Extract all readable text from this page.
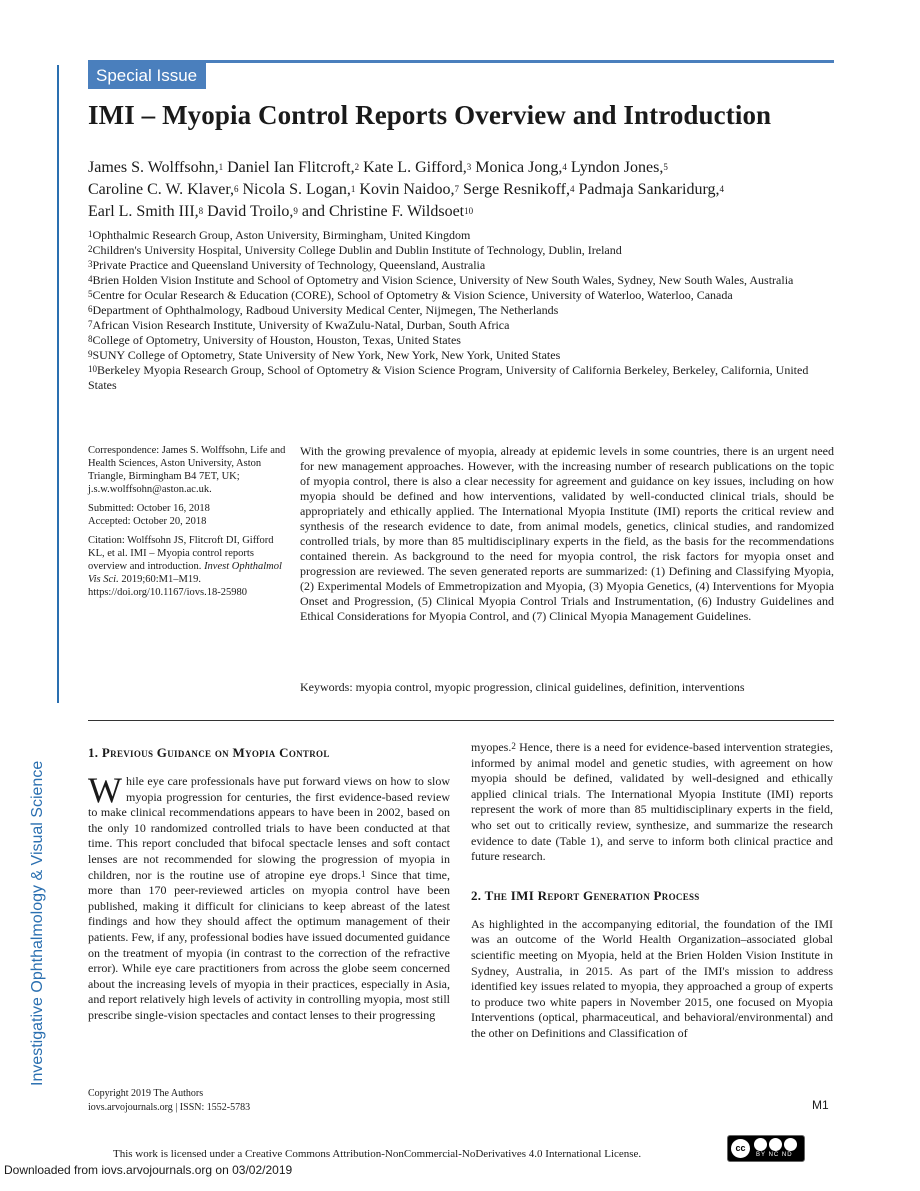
Investigative Ophthalmology & Visual Science
Special Issue
IMI – Myopia Control Reports Overview and Introduction
James S. Wolffsohn,$^1$ Daniel Ian Flitcroft,$^2$ Kate L. Gifford,$^3$ Monica Jong,$^4$ Lyndon Jones,$^5$
Caroline C. W. Klaver,$^6$ Nicola S. Logan,$^1$ Kovin Naidoo,$^7$ Serge Resnikoff,$^4$ Padmaja Sankaridurg,$^4$
Earl L. Smith III,$^8$ David Troilo,$^9$ and Christine F. Wildsoet$^{10}$
$^1$Ophthalmic Research Group, Aston University, Birmingham, United Kingdom
$^2$Children's University Hospital, University College Dublin and Dublin Institute of Technology, Dublin, Ireland
$^3$Private Practice and Queensland University of Technology, Queensland, Australia
$^4$Brien Holden Vision Institute and School of Optometry and Vision Science, University of New South Wales, Sydney, New South Wales, Australia
$^5$Centre for Ocular Research & Education (CORE), School of Optometry & Vision Science, University of Waterloo, Waterloo, Canada
$^6$Department of Ophthalmology, Radboud University Medical Center, Nijmegen, The Netherlands
$^7$African Vision Research Institute, University of KwaZulu-Natal, Durban, South Africa
$^8$College of Optometry, University of Houston, Houston, Texas, United States
$^9$SUNY College of Optometry, State University of New York, New York, New York, United States
$^{10}$Berkeley Myopia Research Group, School of Optometry & Vision Science Program, University of California Berkeley, Berkeley, California, United States

Correspondence: James S. Wolffsohn, Life and Health Sciences, Aston University, Aston Triangle, Birmingham B4 7ET, UK; j.s.w.wolffsohn@aston.ac.uk.

Submitted: October 16, 2018

Accepted: October 20, 2018

Citation: Wolffsohn JS, Flitcroft DI, Gifford KL, et al. IMI – Myopia control reports overview and introduction. Invest Ophthalmol Vis Sci. 2019;60:M1–M19. https://doi.org/10.1167/iovs.18-25980

With the growing prevalence of myopia, already at epidemic levels in some countries, there is an urgent need for new management approaches. However, with the increasing number of research publications on the topic of myopia control, there is also a clear necessity for agreement and guidance on key issues, including on how myopia should be defined and how interventions, validated by well-conducted clinical trials, should be appropriately and ethically applied. The International Myopia Institute (IMI) reports the critical review and synthesis of the research evidence to date, from animal models, genetics, clinical studies, and randomized controlled trials, by more than 85 multidisciplinary experts in the field, as the basis for the recommendations contained therein. As background to the need for myopia control, the risk factors for myopia onset and progression are reviewed. The seven generated reports are summarized: (1) Defining and Classifying Myopia, (2) Experimental Models of Emmetropization and Myopia, (3) Myopia Genetics, (4) Interventions for Myopia Onset and Progression, (5) Clinical Myopia Control Trials and Instrumentation, (6) Industry Guidelines and Ethical Considerations for Myopia Control, and (7) Clinical Myopia Management Guidelines.

Keywords: myopia control, myopic progression, clinical guidelines, definition, interventions

1. Previous Guidance on Myopia Control

While eye care professionals have put forward views on how to slow myopia progression for centuries, the first evidence-based review to make clinical recommendations appears to have been in 2002, based on the only 10 randomized controlled trials to have been conducted at that time. This report concluded that bifocal spectacle lenses and soft contact lenses are not recommended for slowing the progression of myopia in children, nor is the routine use of atropine eye drops.$^1$ Since that time, more than 170 peer-reviewed articles on myopia control have been published, making it difficult for clinicians to keep abreast of the latest findings and how they should affect the optimum management of their patients. Few, if any, professional bodies have issued documented guidance on the treatment of myopia (in contrast to the correction of the refractive error). While eye care practitioners from across the globe seem concerned about the increasing levels of myopia in their practices, especially in Asia, and report relatively high levels of activity in controlling myopia, most still prescribe single-vision spectacles and contact lenses to their progressing

myopes.$^2$ Hence, there is a need for evidence-based intervention strategies, informed by animal model and genetic studies, with agreement on how myopia should be defined, validated by well-designed and ethically applied clinical trials. The International Myopia Institute (IMI) reports represent the work of more than 85 multidisciplinary experts in the field, who set out to critically review, synthesize, and summarize the research evidence to date (Table 1), and serve to inform both clinical practice and future research.

2. The IMI Report Generation Process

As highlighted in the accompanying editorial, the foundation of the IMI was an outcome of the World Health Organization–associated global scientific meeting on Myopia, held at the Brien Holden Vision Institute in Sydney, Australia, in 2015. As part of the IMI's mission to address identified key issues related to myopia, they approached a group of experts to produce two white papers in November 2015, one focused on Myopia Interventions (optical, pharmaceutical, and behavioral/environmental) and the other on Definitions and Classification of

Copyright 2019 The Authors
iovs.arvojournals.org | ISSN: 1552-5783	M1
This work is licensed under a Creative Commons Attribution-NonCommercial-NoDerivatives 4.0 International License.	cc
BY NC ND
Downloaded from iovs.arvojournals.org on 03/02/2019
